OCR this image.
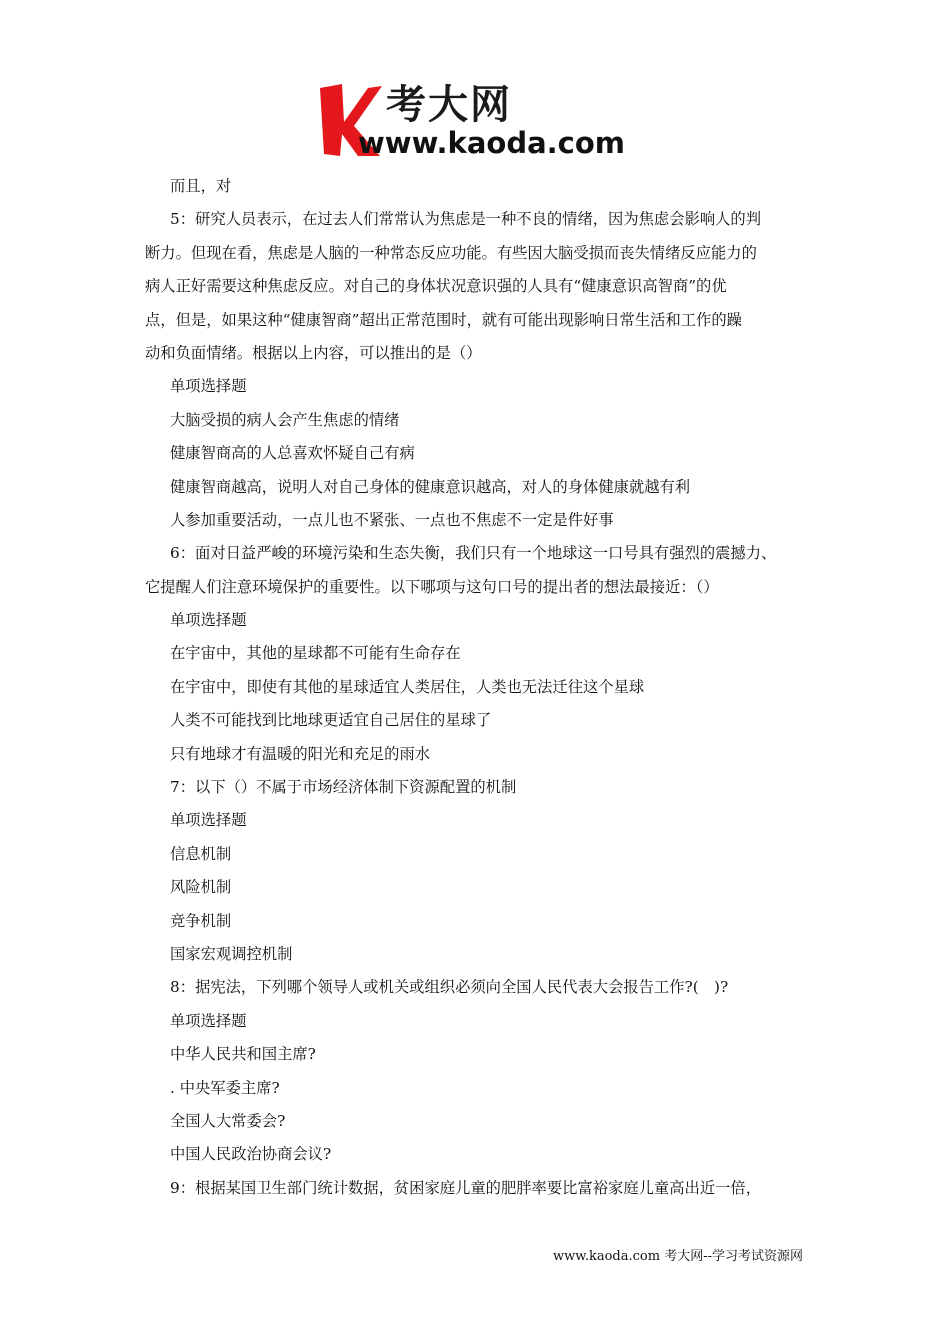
考大网
www.kaoda.com
而且，对
5：研究人员表示，在过去人们常常认为焦虑是一种不良的情绪，因为焦虑会影响人的判
断力。但现在看，焦虑是人脑的一种常态反应功能。有些因大脑受损而丧失情绪反应能力的
病人正好需要这种焦虑反应。对自己的身体状况意识强的人具有“健康意识高智商”的优
点，但是，如果这种“健康智商”超出正常范围时，就有可能出现影响日常生活和工作的躁
动和负面情绪。根据以上内容，可以推出的是（）
单项选择题
大脑受损的病人会产生焦虑的情绪
健康智商高的人总喜欢怀疑自己有病
健康智商越高，说明人对自己身体的健康意识越高，对人的身体健康就越有利
人参加重要活动，一点儿也不紧张、一点也不焦虑不一定是件好事
6：面对日益严峻的环境污染和生态失衡，我们只有一个地球这一口号具有强烈的震撼力、
它提醒人们注意环境保护的重要性。以下哪项与这句口号的提出者的想法最接近：（）
单项选择题
在宇宙中，其他的星球都不可能有生命存在
在宇宙中，即使有其他的星球适宜人类居住，人类也无法迁往这个星球
人类不可能找到比地球更适宜自己居住的星球了
只有地球才有温暖的阳光和充足的雨水
7：以下（）不属于市场经济体制下资源配置的机制
单项选择题
信息机制
风险机制
竞争机制
国家宏观调控机制
8：据宪法，下列哪个领导人或机关或组织必须向全国人民代表大会报告工作?(　)?
单项选择题
中华人民共和国主席?
. 中央军委主席?
全国人大常委会?
中国人民政治协商会议?
9：根据某国卫生部门统计数据，贫困家庭儿童的肥胖率要比富裕家庭儿童高出近一倍，
www.kaoda.com 考大网--学习考试资源网
